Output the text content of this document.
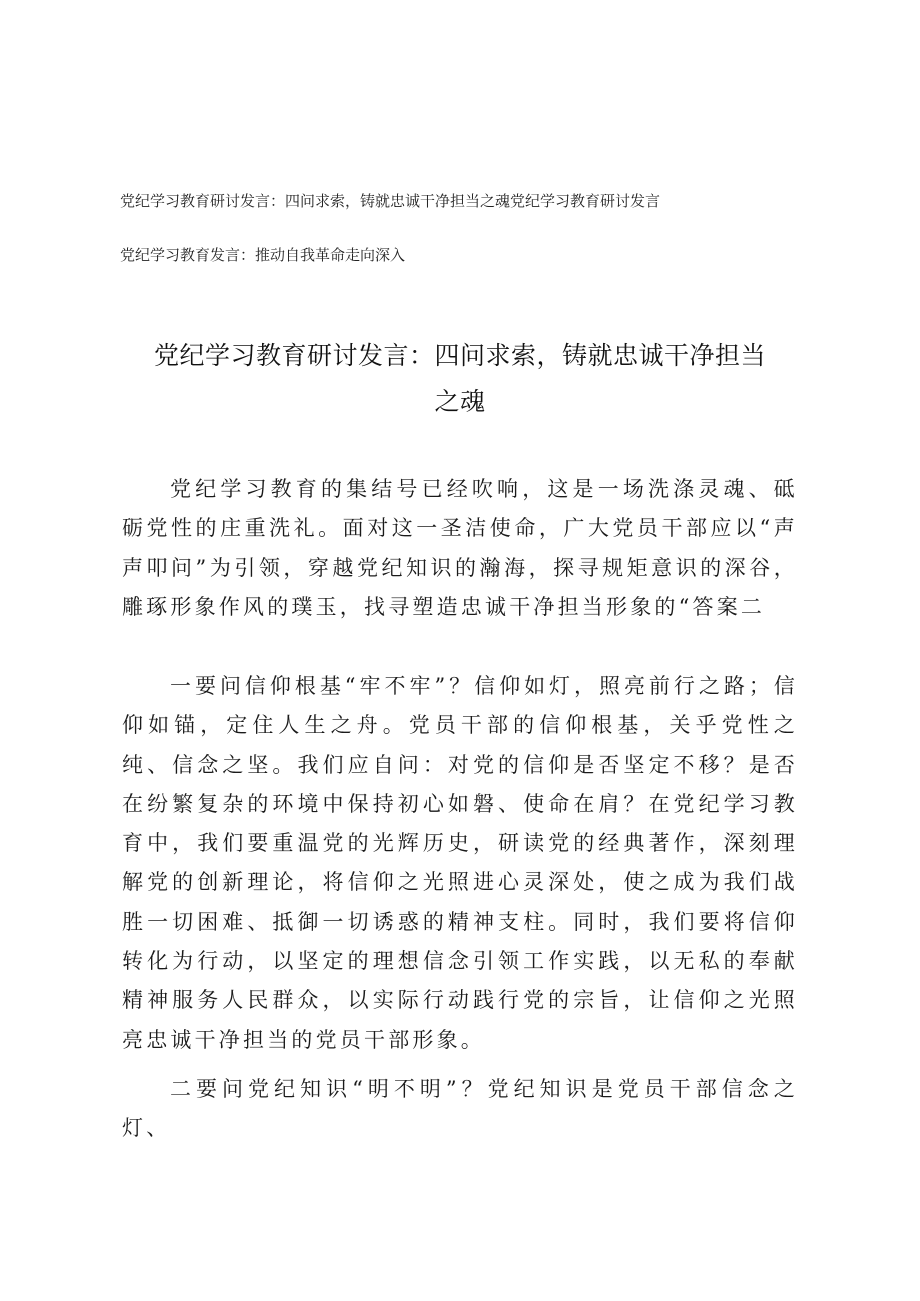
党纪学习教育研讨发言：四问求索，铸就忠诚干净担当之魂党纪学习教育研讨发言
党纪学习教育发言：推动自我革命走向深入
党纪学习教育研讨发言：四问求索，铸就忠诚干净担当
之魂

党纪学习教育的集结号已经吹响，这是一场洗涤灵魂、砥砺党性的庄重洗礼。面对这一圣洁使命，广大党员干部应以“声声叩问”为引领，穿越党纪知识的瀚海，探寻规矩意识的深谷，雕琢形象作风的璞玉，找寻塑造忠诚干净担当形象的“答案二

一要问信仰根基“牢不牢”？信仰如灯，照亮前行之路；信仰如锚，定住人生之舟。党员干部的信仰根基，关乎党性之纯、信念之坚。我们应自问：对党的信仰是否坚定不移？是否在纷繁复杂的环境中保持初心如磐、使命在肩？在党纪学习教育中，我们要重温党的光辉历史，研读党的经典著作，深刻理解党的创新理论，将信仰之光照进心灵深处，使之成为我们战胜一切困难、抵御一切诱惑的精神支柱。同时，我们要将信仰转化为行动，以坚定的理想信念引领工作实践，以无私的奉献精神服务人民群众，以实际行动践行党的宗旨，让信仰之光照亮忠诚干净担当的党员干部形象。

二要问党纪知识“明不明”？党纪知识是党员干部信念之灯、
